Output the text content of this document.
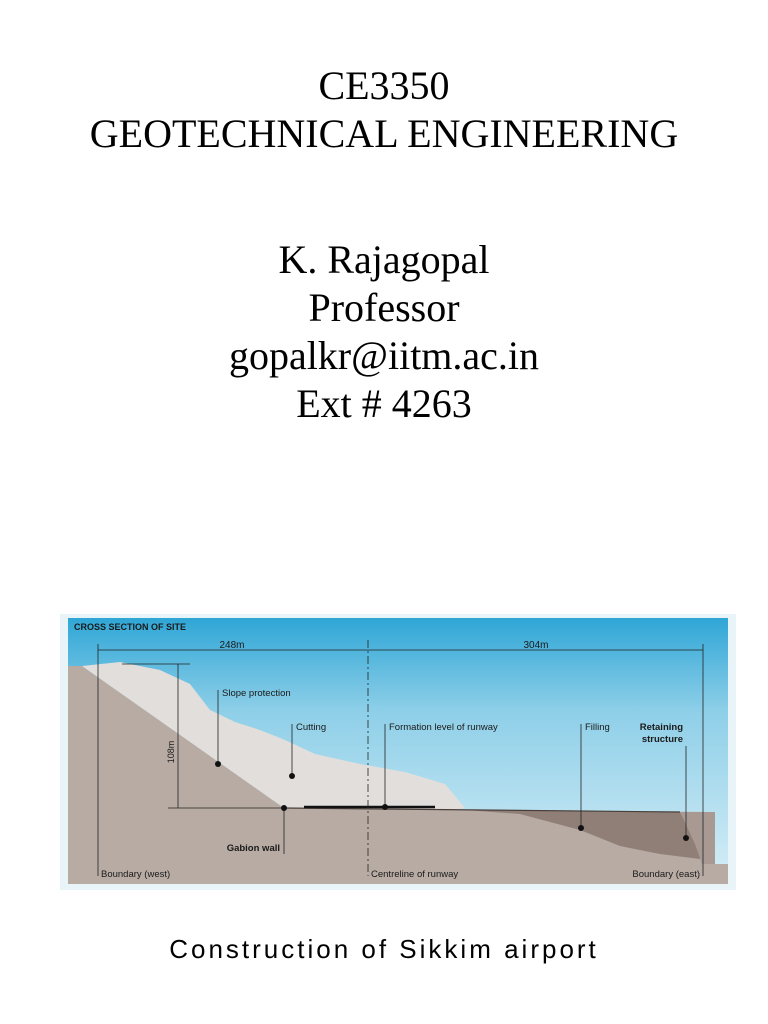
CE3350
GEOTECHNICAL ENGINEERING
K. Rajagopal
Professor
gopalkr@iitm.ac.in
Ext # 4263
CROSS SECTION OF SITE
248m	304m
108m
Slope protection
Cutting	Formation level of runway	Filling	Retaining
structure
Gabion wall
Boundary (west)	Centreline of runway	Boundary (east)
Construction of Sikkim airport
